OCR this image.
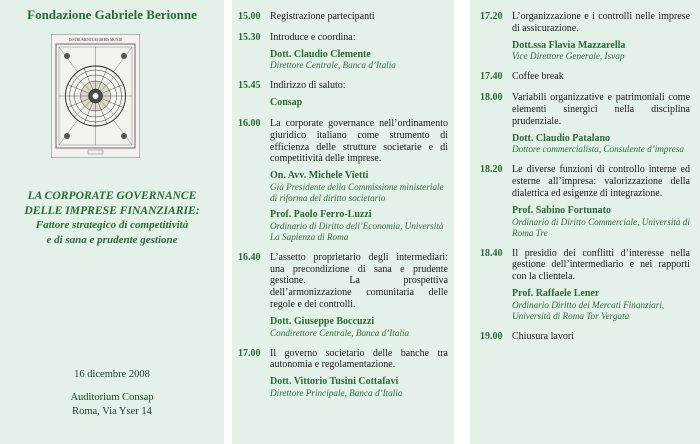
Fondazione Gabriele Berionne
INSTRUMENTUM ORBIS MUNDI
LA CORPORATE GOVERNANCE
DELLE IMPRESE FINANZIARIE:
Fattore strategico di competitività
e di sana e prudente gestione
16 dicembre 2008
Auditorium Consap
Roma, Via Yser 14
15.00 Registrazione partecipanti
15.30 Introduce e coordina:
Dott. Claudio Clemente
Direttore Centrale, Banca d’Italia
15.45 Indirizzo di saluto:
Consap
16.00 La corporate governance nell’ordinamento giuridico italiano come strumento di efficienza delle strutture societarie e di competitività delle imprese.
On. Avv. Michele Vietti
Già Presidente della Commissione ministeriale di riforma del diritto societario
Prof. Paolo Ferro-Luzzi
Ordinario di Diritto dell’Economia, Università La Sapienza di Roma
16.40 L’assetto proprietario degli intermediari: una precondizione di sana e prudente gestione. La prospettiva dell’armonizzazione comunitaria delle regole e dei controlli.
Dott. Giuseppe Boccuzzi
Condirettore Centrale, Banca d’Italia
17.00 Il governo societario delle banche tra autonomia e regolamentazione.
Dott. Vittorio Tusini Cottafavi
Direttore Principale, Banca d’Italia
17.20 L’organizzazione e i controlli nelle imprese di assicurazione.
Dott.ssa Flavia Mazzarella
Vice Direttore Generale, Isvap
17.40 Coffee break
18.00 Variabili organizzative e patrimoniali come elementi sinergici nella disciplina prudenziale.
Dott. Claudio Patalano
Dottore commercialista, Consulente d’impresa
18.20 Le diverse funzioni di controllo interne ed esterne all’impresa: valorizzazione della dialettica ed esigenze di integrazione.
Prof. Sabino Fortunato
Ordinario di Diritto Commerciale, Università di Roma Tre
18.40 Il presidio dei conflitti d’interesse nella gestione dell’intermediario e nei rapporti con la clientela.
Prof. Raffaele Lener
Ordinario Diritto dei Mercati Finanziari, Università di Roma Tor Vergata
19.00 Chiusura lavori
